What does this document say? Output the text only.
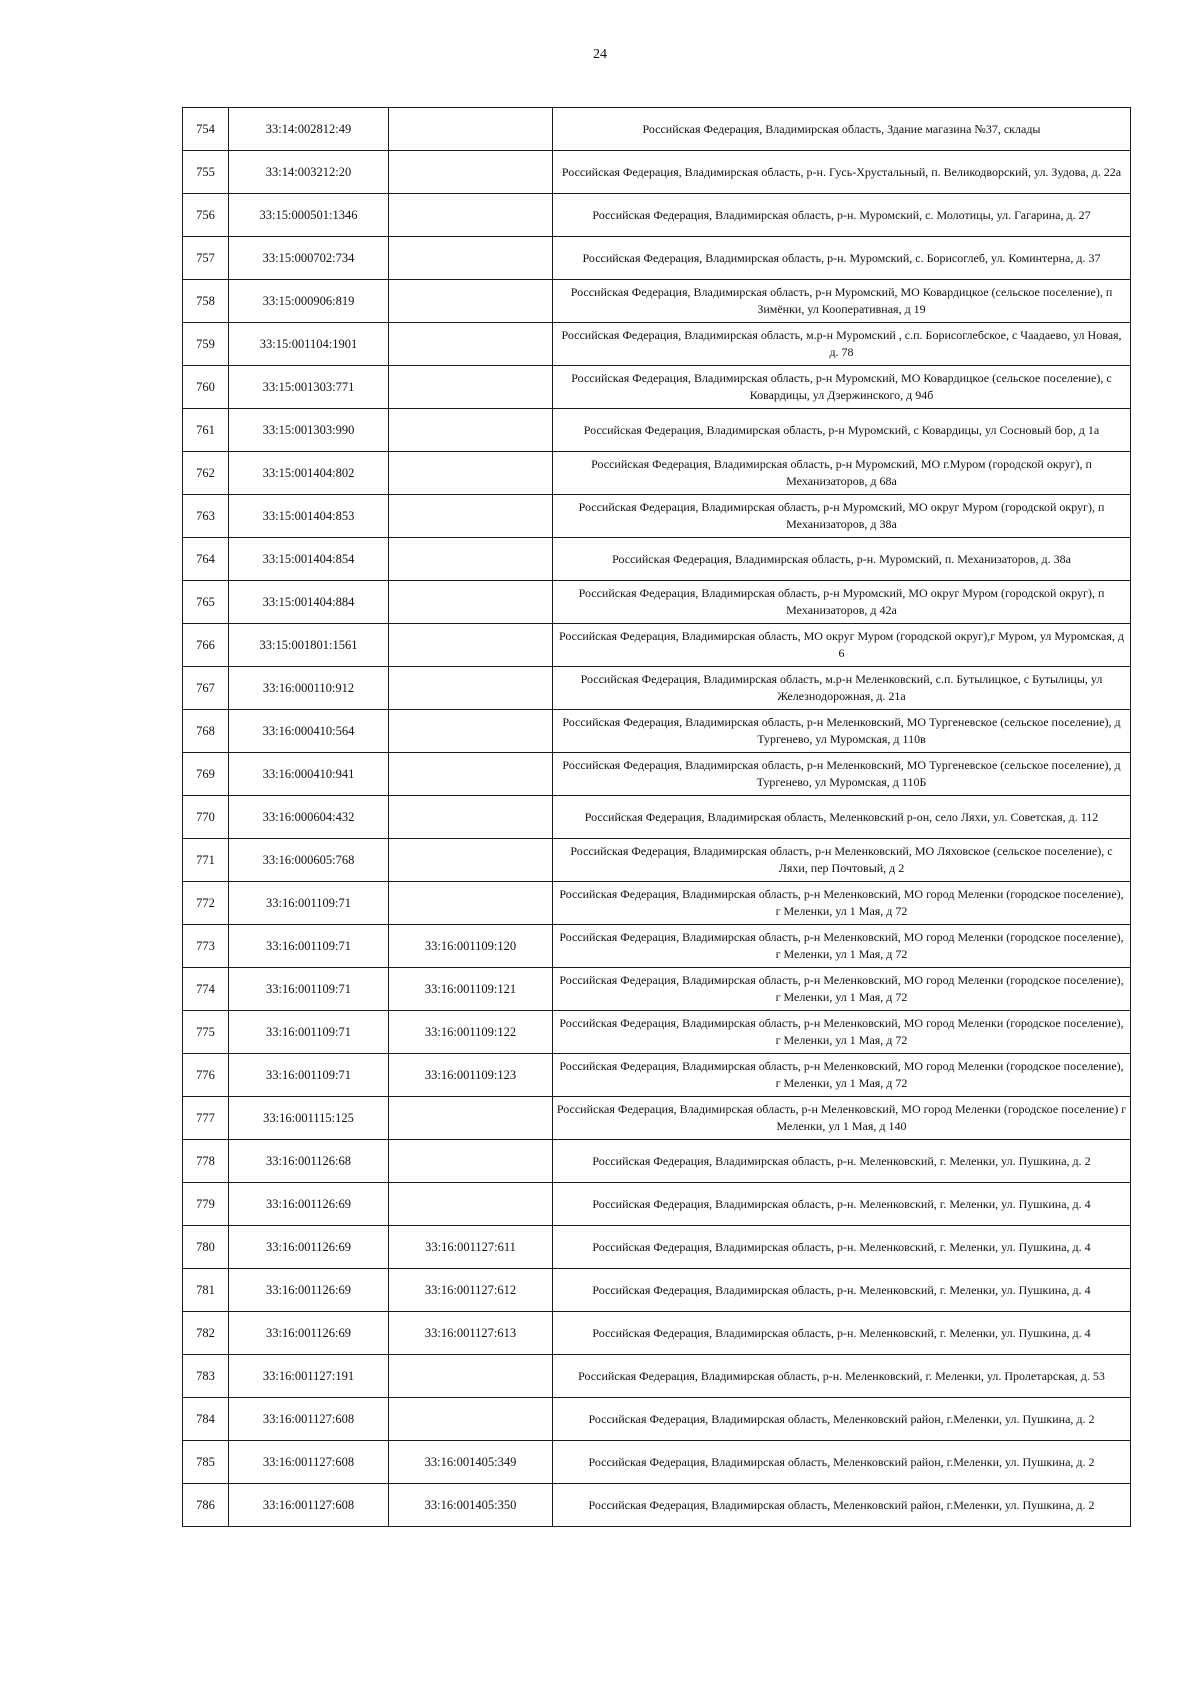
24
754	33:14:002812:49		Российская Федерация, Владимирская область, Здание магазина №37, склады
755	33:14:003212:20		Российская Федерация, Владимирская область, р-н. Гусь-Хрустальный, п. Великодворский, ул. Зудова, д. 22а
756	33:15:000501:1346		Российская Федерация, Владимирская область, р-н. Муромский, с. Молотицы, ул. Гагарина, д. 27
757	33:15:000702:734		Российская Федерация, Владимирская область, р-н. Муромский, с. Борисоглеб, ул. Коминтерна, д. 37
758	33:15:000906:819		Российская Федерация, Владимирская область, р-н Муромский, МО Ковардицкое (сельское поселение), п Зимёнки, ул Кооперативная, д 19
759	33:15:001104:1901		Российская Федерация, Владимирская область, м.р-н Муромский , с.п. Борисоглебское, с Чаадаево, ул Новая, д. 78
760	33:15:001303:771		Российская Федерация, Владимирская область, р-н Муромский, МО Ковардицкое (сельское поселение), с Ковардицы, ул Дзержинского, д 94б
761	33:15:001303:990		Российская Федерация, Владимирская область, р-н Муромский, с Ковардицы, ул Сосновый бор, д 1а
762	33:15:001404:802		Российская Федерация, Владимирская область, р-н Муромский, МО г.Муром (городской округ), п Механизаторов, д 68а
763	33:15:001404:853		Российская Федерация, Владимирская область, р-н Муромский, МО округ Муром (городской округ), п Механизаторов, д 38а
764	33:15:001404:854		Российская Федерация, Владимирская область, р-н. Муромский, п. Механизаторов, д. 38а
765	33:15:001404:884		Российская Федерация, Владимирская область, р-н Муромский, МО округ Муром (городской округ), п Механизаторов, д 42а
766	33:15:001801:1561		Российская Федерация, Владимирская область, МО округ Муром (городской округ),г Муром, ул Муромская, д 6
767	33:16:000110:912		Российская Федерация, Владимирская область, м.р-н Меленковский, с.п. Бутылицкое, с Бутылицы, ул Железнодорожная, д. 21а
768	33:16:000410:564		Российская Федерация, Владимирская область, р-н Меленковский, МО Тургеневское (сельское поселение), д Тургенево, ул Муромская, д 110в
769	33:16:000410:941		Российская Федерация, Владимирская область, р-н Меленковский, МО Тургеневское (сельское поселение), д Тургенево, ул Муромская, д 110Б
770	33:16:000604:432		Российская Федерация, Владимирская область, Меленковский р-он, село Ляхи, ул. Советская, д. 112
771	33:16:000605:768		Российская Федерация, Владимирская область, р-н Меленковский, МО Ляховское (сельское поселение), с Ляхи, пер Почтовый, д 2
772	33:16:001109:71		Российская Федерация, Владимирская область, р-н Меленковский, МО город Меленки (городское поселение), г Меленки, ул 1 Мая, д 72
773	33:16:001109:71	33:16:001109:120	Российская Федерация, Владимирская область, р-н Меленковский, МО город Меленки (городское поселение), г Меленки, ул 1 Мая, д 72
774	33:16:001109:71	33:16:001109:121	Российская Федерация, Владимирская область, р-н Меленковский, МО город Меленки (городское поселение), г Меленки, ул 1 Мая, д 72
775	33:16:001109:71	33:16:001109:122	Российская Федерация, Владимирская область, р-н Меленковский, МО город Меленки (городское поселение), г Меленки, ул 1 Мая, д 72
776	33:16:001109:71	33:16:001109:123	Российская Федерация, Владимирская область, р-н Меленковский, МО город Меленки (городское поселение), г Меленки, ул 1 Мая, д 72
777	33:16:001115:125		Российская Федерация, Владимирская область, р-н Меленковский, МО город Меленки (городское поселение) г Меленки, ул 1 Мая, д 140
778	33:16:001126:68		Российская Федерация, Владимирская область, р-н. Меленковский, г. Меленки, ул. Пушкина, д. 2
779	33:16:001126:69		Российская Федерация, Владимирская область, р-н. Меленковский, г. Меленки, ул. Пушкина, д. 4
780	33:16:001126:69	33:16:001127:611	Российская Федерация, Владимирская область, р-н. Меленковский, г. Меленки, ул. Пушкина, д. 4
781	33:16:001126:69	33:16:001127:612	Российская Федерация, Владимирская область, р-н. Меленковский, г. Меленки, ул. Пушкина, д. 4
782	33:16:001126:69	33:16:001127:613	Российская Федерация, Владимирская область, р-н. Меленковский, г. Меленки, ул. Пушкина, д. 4
783	33:16:001127:191		Российская Федерация, Владимирская область, р-н. Меленковский, г. Меленки, ул. Пролетарская, д. 53
784	33:16:001127:608		Российская Федерация, Владимирская область, Меленковский район, г.Меленки, ул. Пушкина, д. 2
785	33:16:001127:608	33:16:001405:349	Российская Федерация, Владимирская область, Меленковский район, г.Меленки, ул. Пушкина, д. 2
786	33:16:001127:608	33:16:001405:350	Российская Федерация, Владимирская область, Меленковский район, г.Меленки, ул. Пушкина, д. 2
